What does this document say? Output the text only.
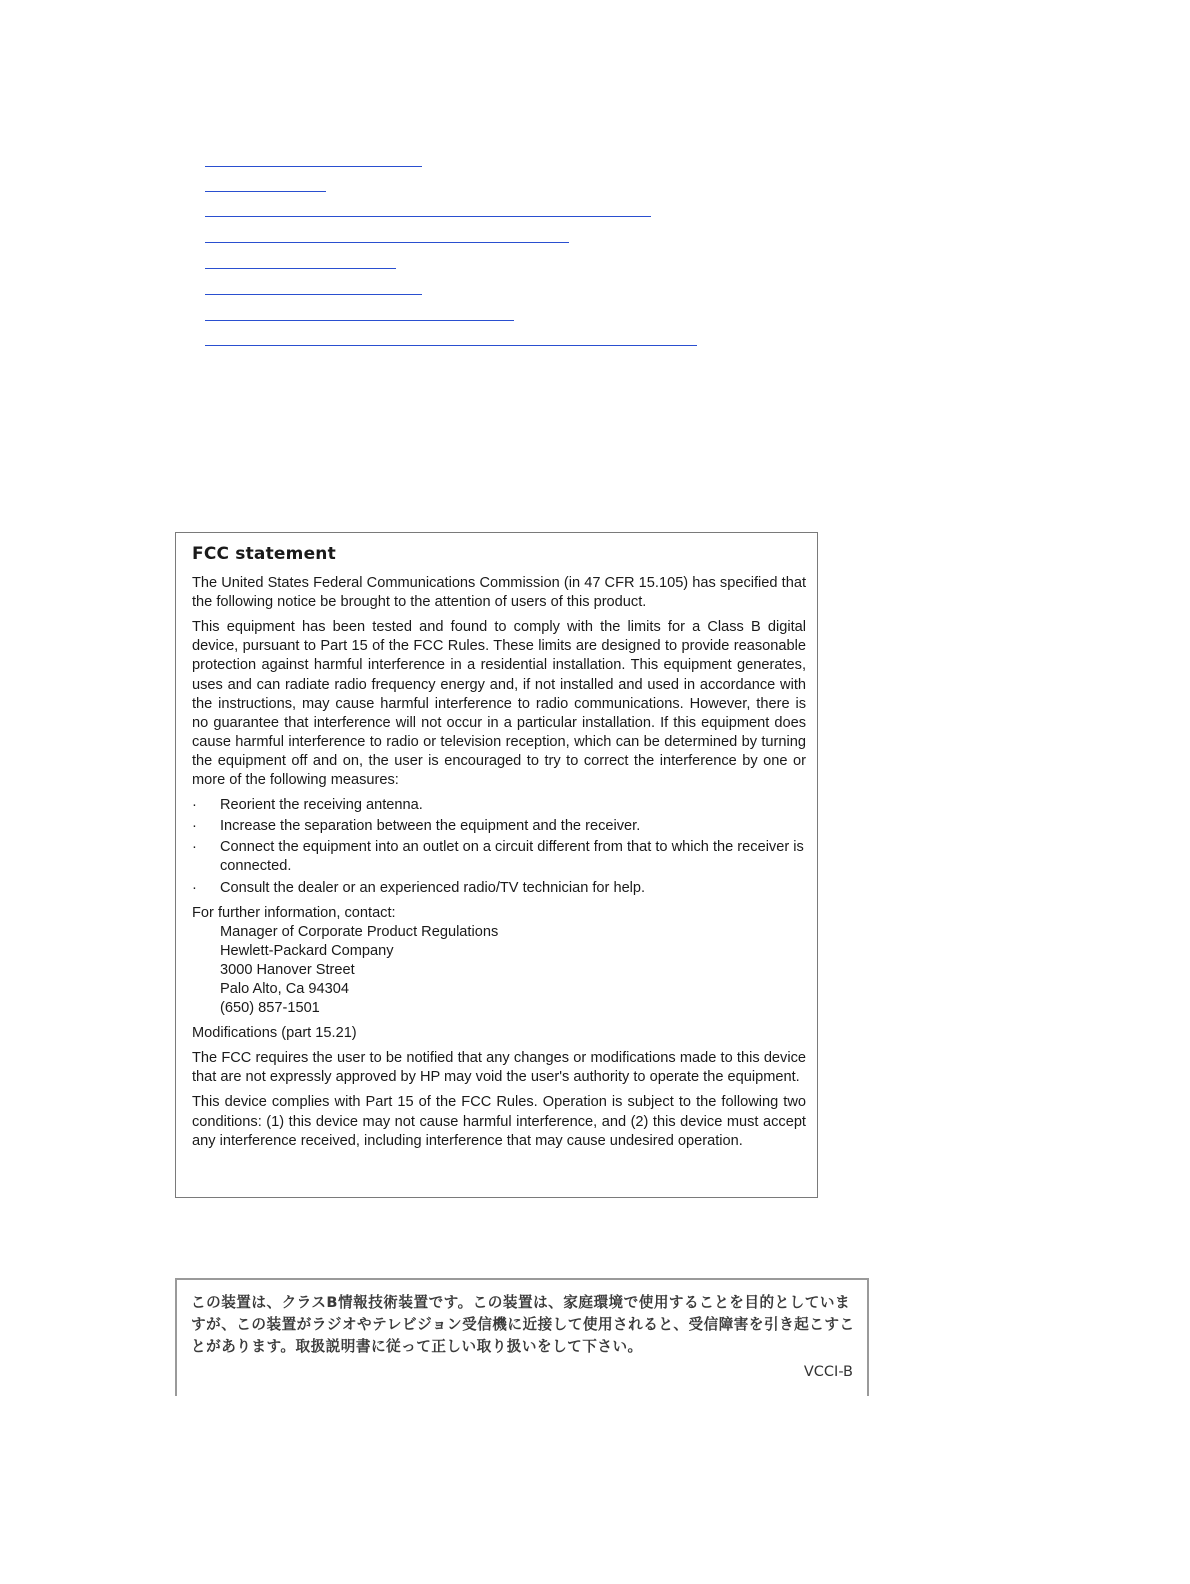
FCC statement

The United States Federal Communications Commission (in 47 CFR 15.105) has specified that the following notice be brought to the attention of users of this product.

This equipment has been tested and found to comply with the limits for a Class B digital device, pursuant to Part 15 of the FCC Rules. These limits are designed to provide reasonable protection against harmful interference in a residential installation. This equipment generates, uses and can radiate radio frequency energy and, if not installed and used in accordance with the instructions, may cause harmful interference to radio communications. However, there is no guarantee that interference will not occur in a particular installation. If this equipment does cause harmful interference to radio or television reception, which can be determined by turning the equipment off and on, the user is encouraged to try to correct the interference by one or more of the following measures:

· Reorient the receiving antenna.
· Increase the separation between the equipment and the receiver.
· Connect the equipment into an outlet on a circuit different from that to which the receiver is connected.
· Consult the dealer or an experienced radio/TV technician for help.
For further information, contact:
Manager of Corporate Product Regulations
Hewlett-Packard Company
3000 Hanover Street
Palo Alto, Ca 94304
(650) 857-1501

Modifications (part 15.21)

The FCC requires the user to be notified that any changes or modifications made to this device that are not expressly approved by HP may void the user's authority to operate the equipment.

This device complies with Part 15 of the FCC Rules. Operation is subject to the following two conditions: (1) this device may not cause harmful interference, and (2) this device must accept any interference received, including interference that may cause undesired operation.

この装置は、クラスB情報技術装置です。この装置は、家庭環境で使用することを目的としていますが、この装置がラジオやテレビジョン受信機に近接して使用されると、受信障害を引き起こすことがあります。取扱説明書に従って正しい取り扱いをして下さい。
VCCI-B
